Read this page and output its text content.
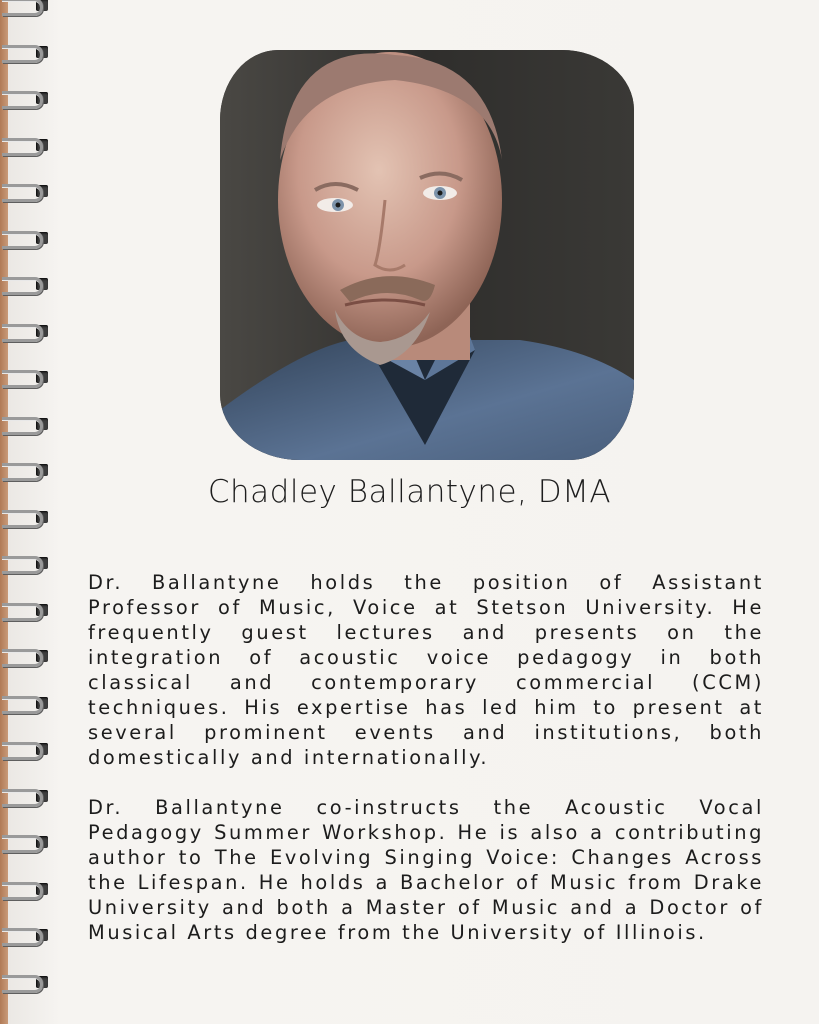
Chadley Ballantyne, DMA

Dr. Ballantyne holds the position of Assistant Professor of Music, Voice at Stetson University. He frequently guest lectures and presents on the integration of acoustic voice pedagogy in both classical and contemporary commercial (CCM) techniques. His expertise has led him to present at several prominent events and institutions, both domestically and internationally.

Dr. Ballantyne co-instructs the Acoustic Vocal Pedagogy Summer Workshop. He is also a contributing author to The Evolving Singing Voice: Changes Across the Lifespan. He holds a Bachelor of Music from Drake University and both a Master of Music and a Doctor of Musical Arts degree from the University of Illinois.
